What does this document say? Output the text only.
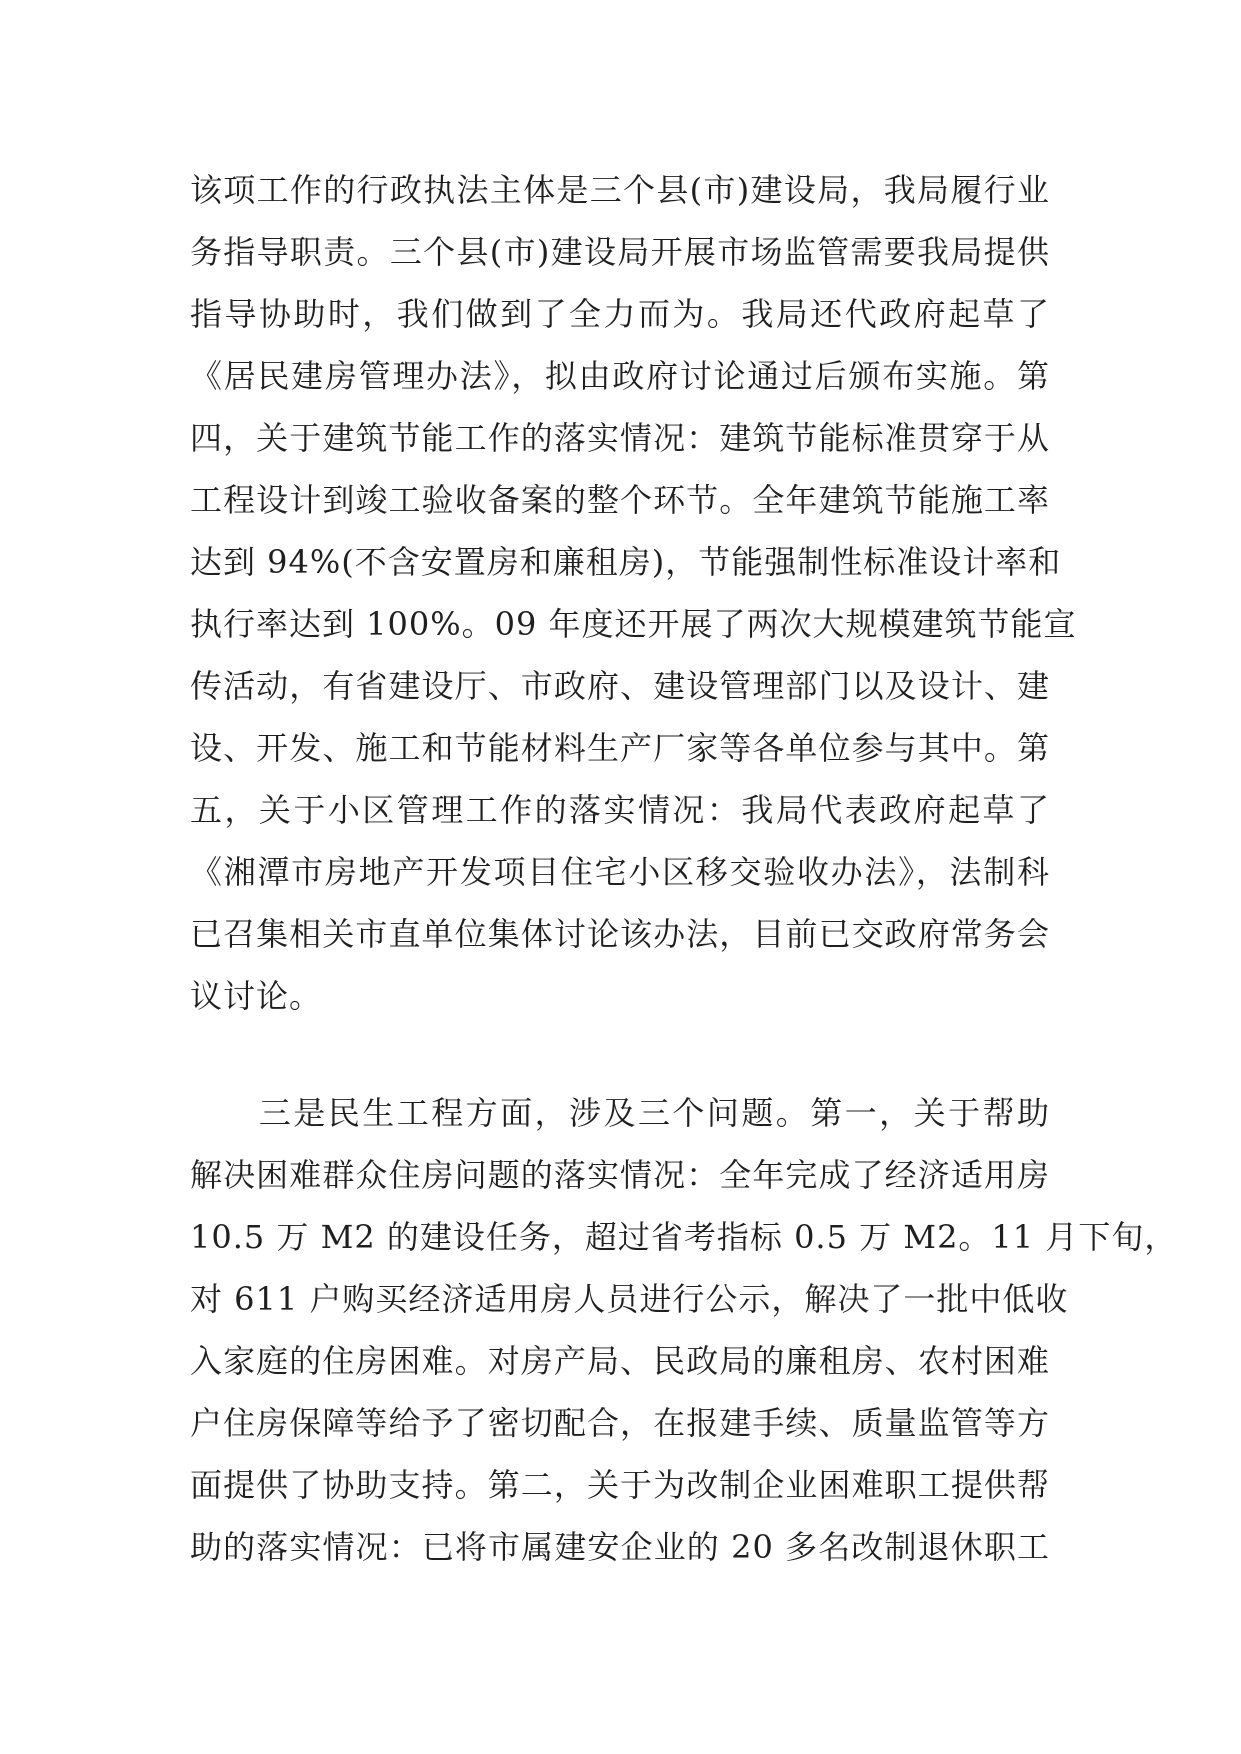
该项工作的行政执法主体是三个县(市)建设局，我局履行业
务指导职责。三个县(市)建设局开展市场监管需要我局提供
指导协助时，我们做到了全力而为。我局还代政府起草了
《居民建房管理办法》，拟由政府讨论通过后颁布实施。第
四，关于建筑节能工作的落实情况：建筑节能标准贯穿于从
工程设计到竣工验收备案的整个环节。全年建筑节能施工率
达到 94%(不含安置房和廉租房)，节能强制性标准设计率和
执行率达到 100%。09 年度还开展了两次大规模建筑节能宣
传活动，有省建设厅、市政府、建设管理部门以及设计、建
设、开发、施工和节能材料生产厂家等各单位参与其中。第
五，关于小区管理工作的落实情况：我局代表政府起草了
《湘潭市房地产开发项目住宅小区移交验收办法》，法制科
已召集相关市直单位集体讨论该办法，目前已交政府常务会
议讨论。
　　三是民生工程方面，涉及三个问题。第一，关于帮助
解决困难群众住房问题的落实情况：全年完成了经济适用房
10.5 万 M2 的建设任务，超过省考指标 0.5 万 M2。11 月下旬，
对 611 户购买经济适用房人员进行公示，解决了一批中低收
入家庭的住房困难。对房产局、民政局的廉租房、农村困难
户住房保障等给予了密切配合，在报建手续、质量监管等方
面提供了协助支持。第二，关于为改制企业困难职工提供帮
助的落实情况：已将市属建安企业的 20 多名改制退休职工
